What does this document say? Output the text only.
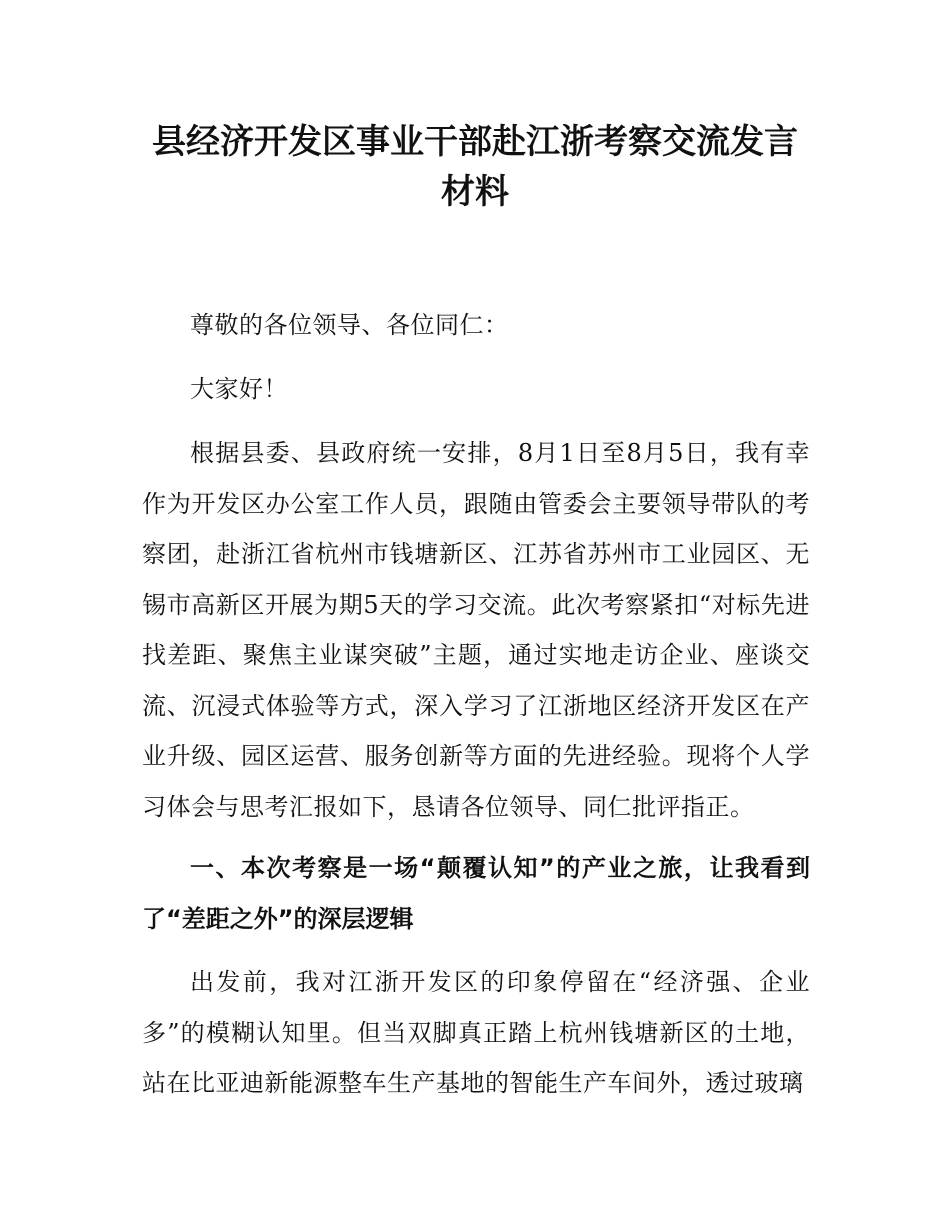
县经济开发区事业干部赴江浙考察交流发言
材料

尊敬的各位领导、各位同仁：

大家好！

根据县委、县政府统一安排，8月1日至8月5日，我有幸作为开发区办公室工作人员，跟随由管委会主要领导带队的考察团，赴浙江省杭州市钱塘新区、江苏省苏州市工业园区、无锡市高新区开展为期5天的学习交流。此次考察紧扣“对标先进找差距、聚焦主业谋突破”主题，通过实地走访企业、座谈交流、沉浸式体验等方式，深入学习了江浙地区经济开发区在产业升级、园区运营、服务创新等方面的先进经验。现将个人学习体会与思考汇报如下，恳请各位领导、同仁批评指正。

一、本次考察是一场“颠覆认知”的产业之旅，让我看到了“差距之外”的深层逻辑

出发前，我对江浙开发区的印象停留在“经济强、企业多”的模糊认知里。但当双脚真正踏上杭州钱塘新区的土地，站在比亚迪新能源整车生产基地的智能生产车间外，透过玻璃
